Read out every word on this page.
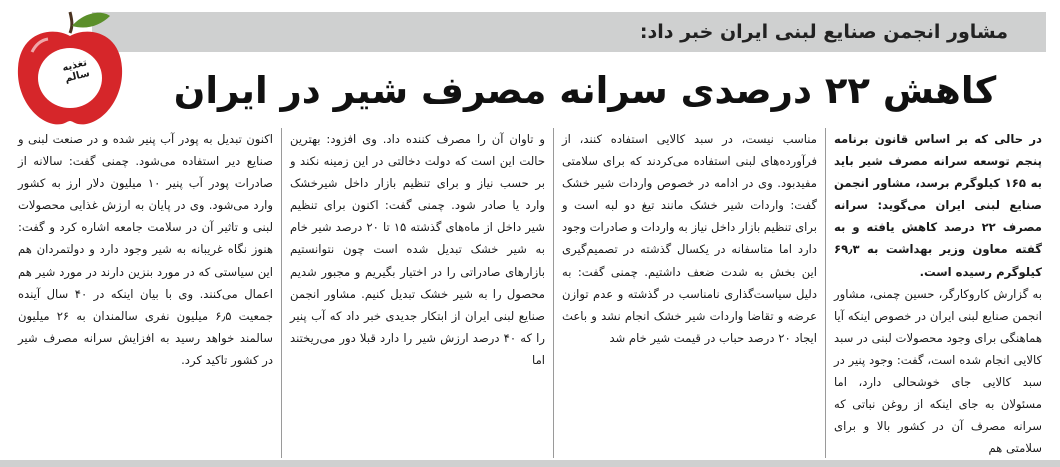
مشاور انجمن صنایع لبنی ایران خبر داد:
تغذیه سالم	کاهش ۲۲ درصدی سرانه مصرف شیر در ایران

در حالی که بر اساس قانون برنامه پنجم توسعه سرانه مصرف شیر باید به ۱۶۵ کیلوگرم برسد، مشاور انجمن صنایع لبنی ایران می‌گوید: سرانه مصرف ۲۲ درصد کاهش یافته و به گفته معاون وزیر بهداشت به ۶۹٫۳ کیلوگرم رسیده است.

به گزارش کاروکارگر، حسین چمنی، مشاور انجمن صنایع لبنی ایران در خصوص اینکه آیا هماهنگی برای وجود محصولات لبنی در سبد کالایی انجام شده است، گفت: وجود پنیر در سبد کالایی جای خوشحالی دارد، اما مسئولان به جای اینکه از روغن نباتی که سرانه مصرف آن در کشور بالا و برای سلامتی هم

مناسب نیست، در سبد کالایی استفاده کنند، از فرآورده‌های لبنی استفاده می‌کردند که برای سلامتی مفیدبود. وی در ادامه در خصوص واردات شیر خشک گفت: واردات شیر خشک مانند تیغ دو لبه است و برای تنظیم بازار داخل نیاز به واردات و صادرات وجود دارد اما متاسفانه در یکسال گذشته در تصمیم‌گیری این بخش به شدت ضعف داشتیم. چمنی گفت: به دلیل سیاست‌گذاری نامناسب در گذشته و عدم توازن عرضه و تقاضا واردات شیر خشک انجام نشد و باعث ایجاد ۲۰ درصد حباب در قیمت شیر خام شد

و تاوان آن را مصرف کننده داد. وی افزود: بهترین حالت این است که دولت دخالتی در این زمینه نکند و بر حسب نیاز و برای تنظیم بازار داخل شیرخشک وارد یا صادر شود. چمنی گفت: اکنون برای تنظیم شیر داخل از ماه‌های گذشته ۱۵ تا ۲۰ درصد شیر خام به شیر خشک تبدیل شده است چون نتوانستیم بازارهای صادراتی را در اختیار بگیریم و مجبور شدیم محصول را به شیر خشک تبدیل کنیم. مشاور انجمن صنایع لبنی ایران از ابتکار جدیدی خبر داد که آب پنیر را که ۴۰ درصد ارزش شیر را دارد قبلا دور می‌ریختند اما

اکنون تبدیل به پودر آب پنیر شده و در صنعت لبنی و صنایع دیر استفاده می‌شود. چمنی گفت: سالانه از صادرات پودر آب پنیر ۱۰ میلیون دلار ارز به کشور وارد می‌شود. وی در پایان به ارزش غذایی محصولات لبنی و تاثیر آن در سلامت جامعه اشاره کرد و گفت: هنوز نگاه غریبانه به شیر وجود دارد و دولتمردان هم این سیاستی که در مورد بنزین دارند در مورد شیر هم اعمال می‌کنند. وی با بیان اینکه در ۴۰ سال آینده جمعیت ۶٫۵ میلیون نفری سالمندان به ۲۶ میلیون سالمند خواهد رسید به افزایش سرانه مصرف شیر در کشور تاکید کرد.
